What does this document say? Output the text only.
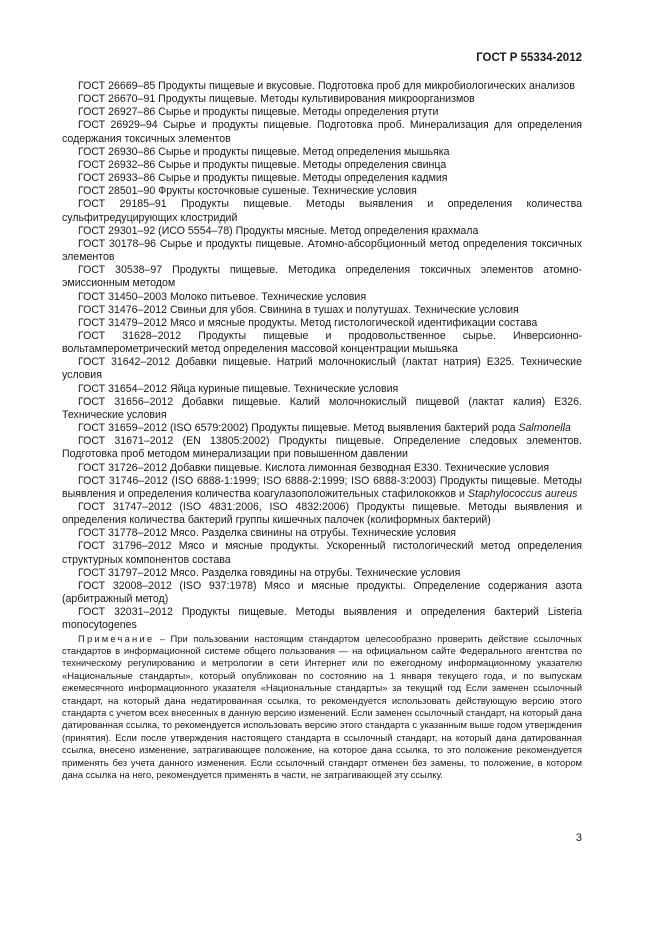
ГОСТ Р 55334-2012

ГОСТ 26669–85 Продукты пищевые и вкусовые. Подготовка проб для микробиологических анализов

ГОСТ 26670–91 Продукты пищевые. Методы культивирования микроорганизмов

ГОСТ 26927–86 Сырье и продукты пищевые. Методы определения ртути

ГОСТ 26929–94 Сырье и продукты пищевые. Подготовка проб. Минерализация для определения содержания токсичных элементов

ГОСТ 26930–86 Сырье и продукты пищевые. Метод определения мышьяка

ГОСТ 26932–86 Сырье и продукты пищевые. Методы определения свинца

ГОСТ 26933–86 Сырье и продукты пищевые. Методы определения кадмия

ГОСТ 28501–90 Фрукты косточковые сушеные. Технические условия

ГОСТ 29185–91 Продукты пищевые. Методы выявления и определения количества сульфитредуцирующих клостридий

ГОСТ 29301–92 (ИСО 5554–78) Продукты мясные. Метод определения крахмала

ГОСТ 30178–96 Сырье и продукты пищевые. Атомно-абсорбционный метод определения токсичных элементов

ГОСТ 30538–97 Продукты пищевые. Методика определения токсичных элементов атомно-эмиссионным методом

ГОСТ 31450–2003 Молоко питьевое. Технические условия

ГОСТ 31476–2012 Свиньи для убоя. Свинина в тушах и полутушах. Технические условия

ГОСТ 31479–2012 Мясо и мясные продукты. Метод гистологической идентификации состава

ГОСТ 31628–2012 Продукты пищевые и продовольственное сырье. Инверсионно-вольтамперометрический метод определения массовой концентрации мышьяка

ГОСТ 31642–2012 Добавки пищевые. Натрий молочнокислый (лактат натрия) Е325. Технические условия

ГОСТ 31654–2012 Яйца куриные пищевые. Технические условия

ГОСТ 31656–2012 Добавки пищевые. Калий молочнокислый пищевой (лактат калия) Е326. Технические условия

ГОСТ 31659–2012 (ISO 6579:2002) Продукты пищевые. Метод выявления бактерий рода Salmonella

ГОСТ 31671–2012 (EN 13805:2002) Продукты пищевые. Определение следовых элементов. Подготовка проб методом минерализации при повышенном давлении

ГОСТ 31726–2012 Добавки пищевые. Кислота лимонная безводная Е330. Технические условия

ГОСТ 31746–2012 (ISO 6888-1:1999; ISO 6888-2:1999; ISO 6888-3:2003) Продукты пищевые. Методы выявления и определения количества коагулазоположительных стафилококков и Staphylococcus aureus

ГОСТ 31747–2012 (ISO 4831:2006, ISO 4832:2006) Продукты пищевые. Методы выявления и определения количества бактерий группы кишечных палочек (колиформных бактерий)

ГОСТ 31778–2012 Мясо. Разделка свинины на отрубы. Технические условия

ГОСТ 31796–2012 Мясо и мясные продукты. Ускоренный гистологический метод определения структурных компонентов состава

ГОСТ 31797–2012 Мясо. Разделка говядины на отрубы. Технические условия

ГОСТ 32008–2012 (ISO 937:1978) Мясо и мясные продукты. Определение содержания азота (арбитражный метод)

ГОСТ 32031–2012 Продукты пищевые. Методы выявления и определения бактерий Listeria monocytogenes

Примечание – При пользовании настоящим стандартом целесообразно проверить действие ссылочных стандартов в информационной системе общего пользования — на официальном сайте Федерального агентства по техническому регулированию и метрологии в сети Интернет или по ежегодному информационному указателю «Национальные стандарты», который опубликован по состоянию на 1 января текущего года, и по выпускам ежемесячного информационного указателя «Национальные стандарты» за текущий год Если заменен ссылочный стандарт, на который дана недатированная ссылка, то рекомендуется использовать действующую версию этого стандарта с учетом всех внесенных в данную версию изменений. Если заменен ссылочный стандарт, на который дана датированная ссылка, то рекомендуется использовать версию этого стандарта с указанным выше годом утверждения (принятия). Если после утверждения настоящего стандарта в ссылочный стандарт, на который дана датированная ссылка, внесено изменение, затрагивающее положение, на которое дана ссылка, то это положение рекомендуется применять без учета данного изменения. Если ссылочный стандарт отменен без замены, то положение, в котором дана ссылка на него, рекомендуется применять в части, не затрагивающей эту ссылку.

3
